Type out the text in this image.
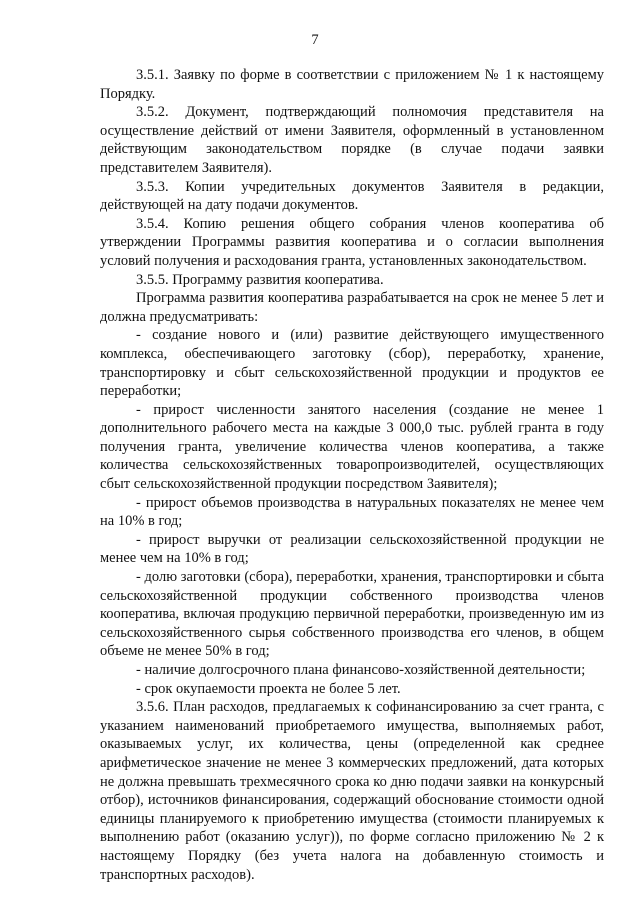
7

3.5.1. Заявку по форме в соответствии с приложением № 1 к настоящему Порядку.

3.5.2. Документ, подтверждающий полномочия представителя на осуществление действий от имени Заявителя, оформленный в установленном действующим законодательством порядке (в случае подачи заявки представителем Заявителя).

3.5.3. Копии учредительных документов Заявителя в редакции, действующей на дату подачи документов.

3.5.4. Копию решения общего собрания членов кооператива об утверждении Программы развития кооператива и о согласии выполнения условий получения и расходования гранта, установленных законодательством.

3.5.5. Программу развития кооператива.

Программа развития кооператива разрабатывается на срок не менее 5 лет и должна предусматривать:

- создание нового и (или) развитие действующего имущественного комплекса, обеспечивающего заготовку (сбор), переработку, хранение, транспортировку и сбыт сельскохозяйственной продукции и продуктов ее переработки;

- прирост численности занятого населения (создание не менее 1 дополнительного рабочего места на каждые 3 000,0 тыс. рублей гранта в году получения гранта, увеличение количества членов кооператива, а также количества сельскохозяйственных товаропроизводителей, осуществляющих сбыт сельскохозяйственной продукции посредством Заявителя);

- прирост объемов производства в натуральных показателях не менее чем на 10% в год;

- прирост выручки от реализации сельскохозяйственной продукции не менее чем на 10% в год;

- долю заготовки (сбора), переработки, хранения, транспортировки и сбыта сельскохозяйственной продукции собственного производства членов кооператива, включая продукцию первичной переработки, произведенную им из сельскохозяйственного сырья собственного производства его членов, в общем объеме не менее 50% в год;

- наличие долгосрочного плана финансово-хозяйственной деятельности;

- срок окупаемости проекта не более 5 лет.

3.5.6. План расходов, предлагаемых к софинансированию за счет гранта, с указанием наименований приобретаемого имущества, выполняемых работ, оказываемых услуг, их количества, цены (определенной как среднее арифметическое значение не менее 3 коммерческих предложений, дата которых не должна превышать трехмесячного срока ко дню подачи заявки на конкурсный отбор), источников финансирования, содержащий обоснование стоимости одной единицы планируемого к приобретению имущества (стоимости планируемых к выполнению работ (оказанию услуг)), по форме согласно приложению № 2 к настоящему Порядку (без учета налога на добавленную стоимость и транспортных расходов).
